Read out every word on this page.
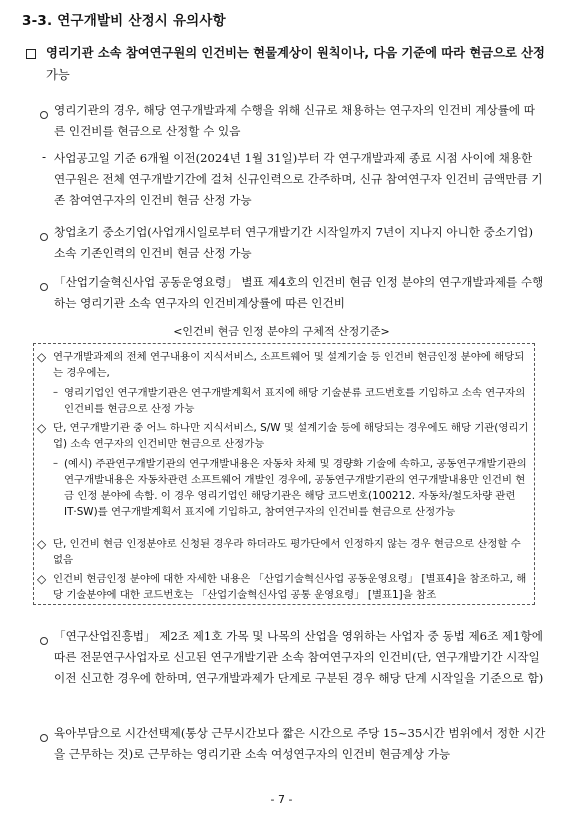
3-3. 연구개발비 산정시 유의사항
영리기관 소속 참여연구원의 인건비는 현물계상이 원칙이나, 다음 기준에 따라 현금으로 산정 가능
영리기관의 경우, 해당 연구개발과제 수행을 위해 신규로 채용하는 연구자의 인건비 계상률에 따른 인건비를 현금으로 산정할 수 있음
- 사업공고일 기준 6개월 이전(2024년 1월 31일)부터 각 연구개발과제 종료 시점 사이에 채용한 연구원은 전체 연구개발기간에 걸쳐 신규인력으로 간주하며, 신규 참여연구자 인건비 금액만큼 기존 참여연구자의 인건비 현금 산정 가능
창업초기 중소기업(사업개시일로부터 연구개발기간 시작일까지 7년이 지나지 아니한 중소기업) 소속 기존인력의 인건비 현금 산정 가능
「산업기술혁신사업 공동운영요령」 별표 제4호의 인건비 현금 인정 분야의 연구개발과제를 수행하는 영리기관 소속 연구자의 인건비계상률에 따른 인건비
<인건비 현금 인정 분야의 구체적 산정기준>
◇ 연구개발과제의 전체 연구내용이 지식서비스, 소프트웨어 및 설계기술 등 인건비 현금인정 분야에 해당되는 경우에는,
– 영리기업인 연구개발기관은 연구개발계획서 표지에 해당 기술분류 코드번호를 기입하고 소속 연구자의 인건비를 현금으로 산정 가능
◇ 단, 연구개발기관 중 어느 하나만 지식서비스, S/W 및 설계기술 등에 해당되는 경우에도 해당 기관(영리기업) 소속 연구자의 인건비만 현금으로 산정가능
– (예시) 주관연구개발기관의 연구개발내용은 자동차 차체 및 경량화 기술에 속하고, 공동연구개발기관의 연구개발내용은 자동차관련 소프트웨어 개발인 경우에, 공동연구개발기관의 연구개발내용만 인건비 현금 인정 분야에 속함. 이 경우 영리기업인 해당기관은 해당 코드번호(100212. 자동차/철도차량 관련 IT·SW)를 연구개발계획서 표지에 기입하고, 참여연구자의 인건비를 현금으로 산정가능
◇ 단, 인건비 현금 인정분야로 신청된 경우라 하더라도 평가단에서 인정하지 않는 경우 현금으로 산정할 수 없음
◇ 인건비 현금인정 분야에 대한 자세한 내용은 「산업기술혁신사업 공동운영요령」 [별표4]을 참조하고, 해당 기술분야에 대한 코드번호는 「산업기술혁신사업 공통 운영요령」 [별표1]을 참조
「연구산업진흥법」 제2조 제1호 가목 및 나목의 산업을 영위하는 사업자 중 동법 제6조 제1항에 따른 전문연구사업자로 신고된 연구개발기관 소속 참여연구자의 인건비(단, 연구개발기간 시작일 이전 신고한 경우에 한하며, 연구개발과제가 단계로 구분된 경우 해당 단계 시작일을 기준으로 함)
육아부담으로 시간선택제(통상 근무시간보다 짧은 시간으로 주당 15~35시간 범위에서 정한 시간을 근무하는 것)로 근무하는 영리기관 소속 여성연구자의 인건비 현금계상 가능
- 7 -
